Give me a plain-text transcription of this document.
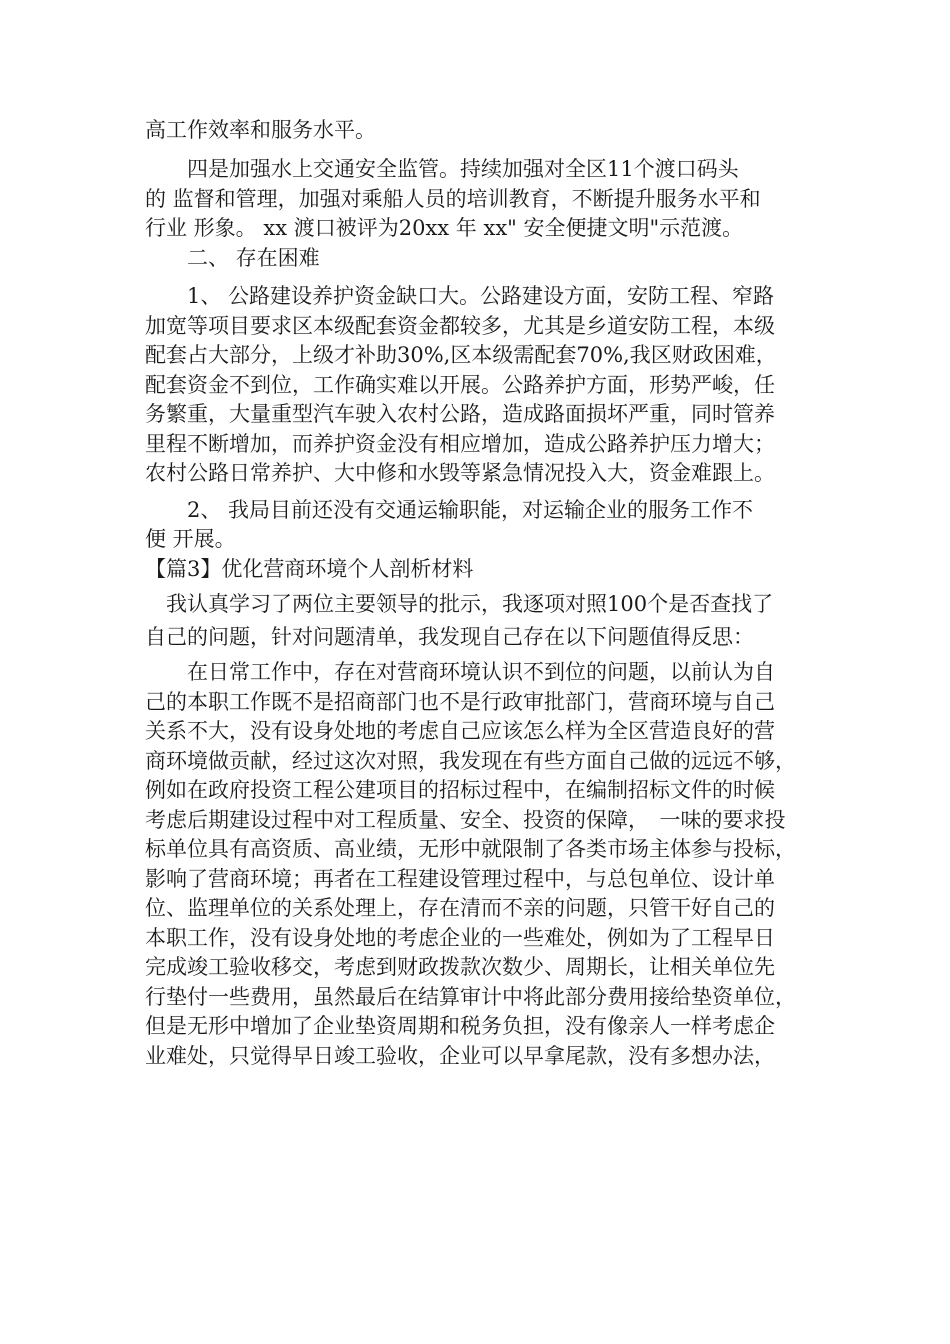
高工作效率和服务水平。
　　四是加强水上交通安全监管。持续加强对全区11个渡口码头
的 监督和管理，加强对乘船人员的培训教育，不断提升服务水平和
行业 形象。 xx 渡口被评为20xx 年 xx" 安全便捷文明"示范渡。
　　二、 存在困难
　　1、 公路建设养护资金缺口大。公路建设方面，安防工程、窄路
加宽等项目要求区本级配套资金都较多，尤其是乡道安防工程，本级
配套占大部分，上级才补助30%,区本级需配套70%,我区财政困难，
配套资金不到位，工作确实难以开展。公路养护方面，形势严峻，任
务繁重，大量重型汽车驶入农村公路，造成路面损坏严重，同时管养
里程不断增加，而养护资金没有相应增加，造成公路养护压力增大；
农村公路日常养护、大中修和水毁等紧急情况投入大，资金难跟上。
　　2、 我局目前还没有交通运输职能，对运输企业的服务工作不
便 开展。
【篇3】优化营商环境个人剖析材料
　我认真学习了两位主要领导的批示，我逐项对照100个是否查找了
自己的问题，针对问题清单，我发现自己存在以下问题值得反思：
　　在日常工作中，存在对营商环境认识不到位的问题，以前认为自
己的本职工作既不是招商部门也不是行政审批部门，营商环境与自己
关系不大，没有设身处地的考虑自己应该怎么样为全区营造良好的营
商环境做贡献，经过这次对照，我发现在有些方面自己做的远远不够，
例如在政府投资工程公建项目的招标过程中，在编制招标文件的时候
考虑后期建设过程中对工程质量、安全、投资的保障，　一味的要求投
标单位具有高资质、高业绩，无形中就限制了各类市场主体参与投标，
影响了营商环境；再者在工程建设管理过程中，与总包单位、设计单
位、监理单位的关系处理上，存在清而不亲的问题，只管干好自己的
本职工作，没有设身处地的考虑企业的一些难处，例如为了工程早日
完成竣工验收移交，考虑到财政拨款次数少、周期长，让相关单位先
行垫付一些费用，虽然最后在结算审计中将此部分费用接给垫资单位，
但是无形中增加了企业垫资周期和税务负担，没有像亲人一样考虑企
业难处，只觉得早日竣工验收，企业可以早拿尾款，没有多想办法，
